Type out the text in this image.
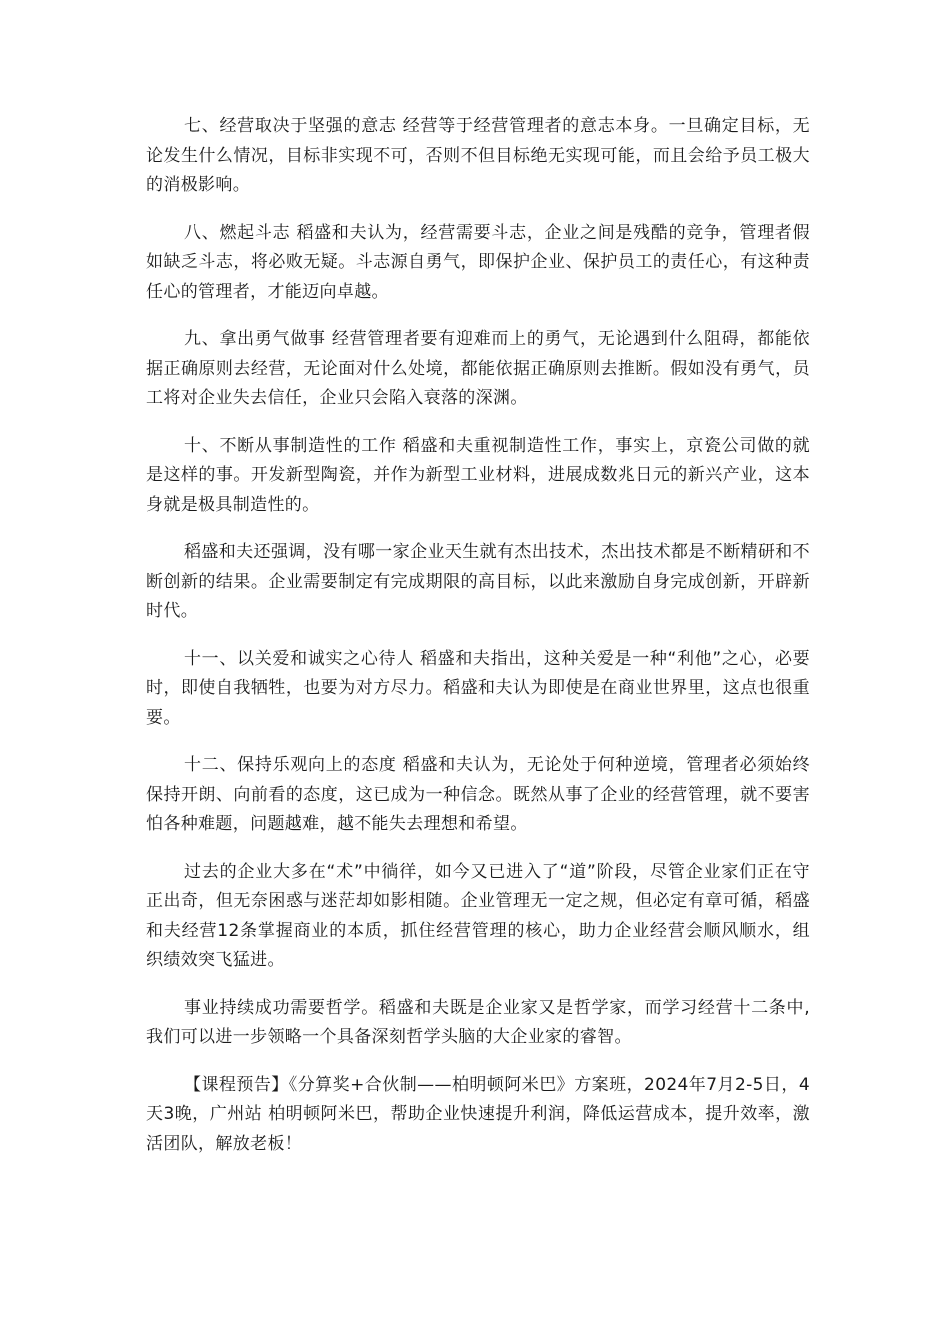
七、经营取决于坚强的意志 经营等于经营管理者的意志本身。一旦确定目标，无论发生什么情况，目标非实现不可，否则不但目标绝无实现可能，而且会给予员工极大的消极影响。

八、燃起斗志 稻盛和夫认为，经营需要斗志，企业之间是残酷的竞争，管理者假如缺乏斗志，将必败无疑。斗志源自勇气，即保护企业、保护员工的责任心，有这种责任心的管理者，才能迈向卓越。

九、拿出勇气做事 经营管理者要有迎难而上的勇气，无论遇到什么阻碍，都能依据正确原则去经营，无论面对什么处境，都能依据正确原则去推断。假如没有勇气，员工将对企业失去信任，企业只会陷入衰落的深渊。

十、不断从事制造性的工作 稻盛和夫重视制造性工作，事实上，京瓷公司做的就是这样的事。开发新型陶瓷，并作为新型工业材料，进展成数兆日元的新兴产业，这本身就是极具制造性的。

稻盛和夫还强调，没有哪一家企业天生就有杰出技术，杰出技术都是不断精研和不断创新的结果。企业需要制定有完成期限的高目标，以此来激励自身完成创新，开辟新时代。

十一、以关爱和诚实之心待人 稻盛和夫指出，这种关爱是一种“利他”之心，必要时，即使自我牺牲，也要为对方尽力。稻盛和夫认为即使是在商业世界里，这点也很重要。

十二、保持乐观向上的态度 稻盛和夫认为，无论处于何种逆境，管理者必须始终保持开朗、向前看的态度，这已成为一种信念。既然从事了企业的经营管理，就不要害怕各种难题，问题越难，越不能失去理想和希望。

过去的企业大多在“术”中徜徉，如今又已进入了“道”阶段，尽管企业家们正在守正出奇，但无奈困惑与迷茫却如影相随。企业管理无一定之规，但必定有章可循，稻盛和夫经营12条掌握商业的本质，抓住经营管理的核心，助力企业经营会顺风顺水，组织绩效突飞猛进。

事业持续成功需要哲学。稻盛和夫既是企业家又是哲学家，而学习经营十二条中,我们可以进一步领略一个具备深刻哲学头脑的大企业家的睿智。

【课程预告】《分算奖+合伙制——柏明顿阿米巴》方案班，2024年7月2-5日，4天3晚，广州站 柏明顿阿米巴，帮助企业快速提升利润，降低运营成本，提升效率，激活团队，解放老板！
